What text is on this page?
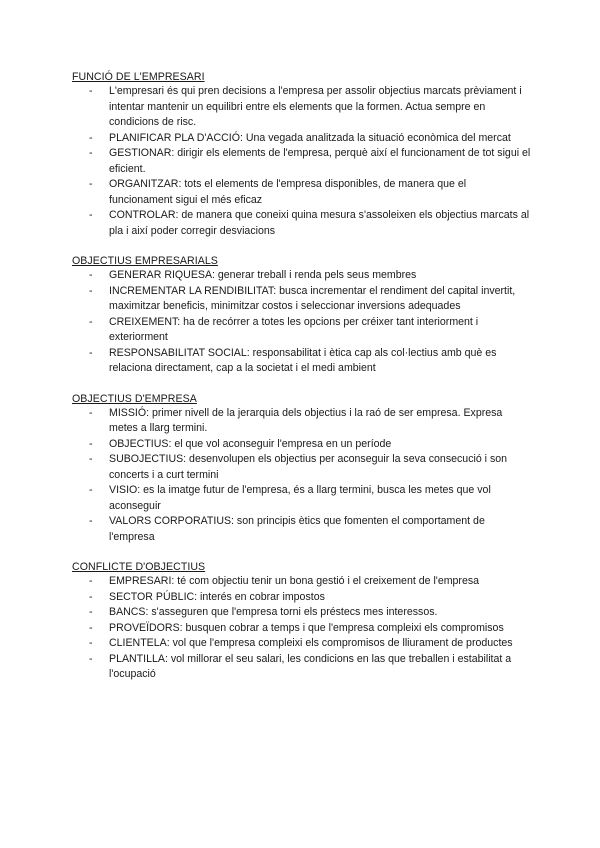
FUNCIÓ DE L'EMPRESARI

- L'empresari és qui pren decisions a l'empresa per assolir objectius marcats prèviament i intentar mantenir un equilibri entre els elements que la formen. Actua sempre en condicions de risc.
- PLANIFICAR PLA D'ACCIÓ: Una vegada analitzada la situació econòmica del mercat
- GESTIONAR: dirigir els elements de l'empresa, perquè així el funcionament de tot sigui el eficient.
- ORGANITZAR: tots el elements de l'empresa disponibles, de manera que el funcionament sigui el més eficaz
- CONTROLAR: de manera que coneixi quina mesura s'assoleixen els objectius marcats al pla i així poder corregir desviacions

OBJECTIUS EMPRESARIALS

- GENERAR RIQUESA: generar treball i renda pels seus membres
- INCREMENTAR LA RENDIBILITAT: busca incrementar el rendiment del capital invertit, maximitzar beneficis, minimitzar costos i seleccionar inversions adequades
- CREIXEMENT: ha de recórrer a totes les opcions per créixer tant interiorment i exteriorment
- RESPONSABILITAT SOCIAL: responsabilitat i ètica cap als col·lectius amb què es relaciona directament, cap a la societat i el medi ambient

OBJECTIUS D'EMPRESA

- MISSIÓ: primer nivell de la jerarquia dels objectius i la raó de ser empresa. Expresa metes a llarg termini.
- OBJECTIUS: el que vol aconseguir l'empresa en un període
- SUBOJECTIUS: desenvolupen els objectius per aconseguir la seva consecució i son concerts i a curt termini
- VISIO: es la imatge futur de l'empresa, és a llarg termini, busca les metes que vol aconseguir
- VALORS CORPORATIUS: son principis ètics que fomenten el comportament de l'empresa

CONFLICTE D'OBJECTIUS

- EMPRESARI: té com objectiu tenir un bona gestió i el creixement de l'empresa
- SECTOR PÚBLIC: interés en cobrar impostos
- BANCS: s'asseguren que l'empresa torni els préstecs mes interessos.
- PROVEÏDORS: busquen cobrar a temps i que l'empresa compleixi els compromisos
- CLIENTELA: vol que l'empresa compleixi els compromisos de lliurament de productes
- PLANTILLA: vol millorar el seu salari, les condicions en las que treballen i estabilitat a l'ocupació
